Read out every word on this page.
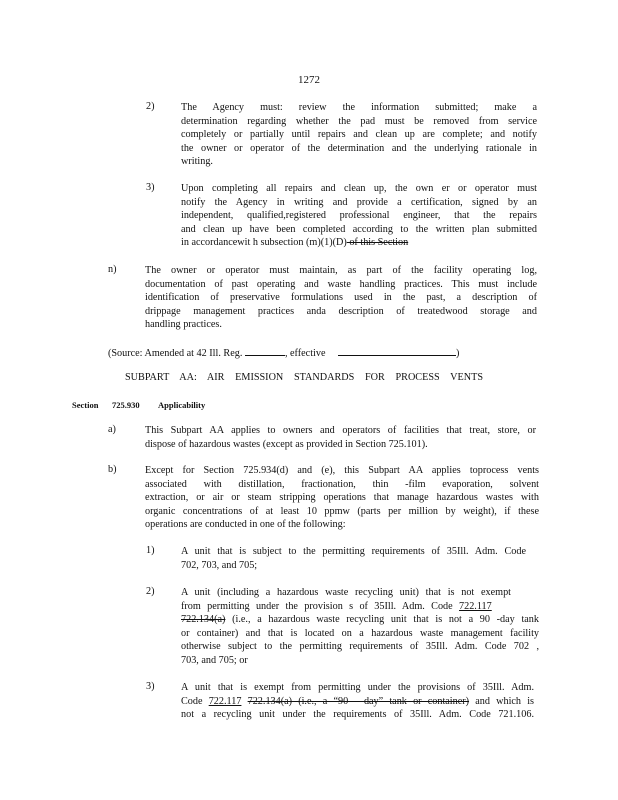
1272
2)	The Agency must: review the information submitted; make a
determination regarding whether the pad must be removed from service
completely or partially until repairs and clean up are complete; and notify
the owner or operator of the determination and the underlying rationale in
writing.
3)	Upon completing all repairs and clean up, the own er or operator must
notify the Agency in writing and provide a certification, signed by an
independent, qualified,registered professional engineer, that the repairs
and clean up have been completed according to the written plan submitted
in accordancewit h subsection (m)(1)(D) of this Section
n)	The owner or operator must maintain, as part of the facility operating log,
documentation of past operating and waste handling practices. This must include
identification of preservative formulations used in the past, a description of
drippage management practices anda description of treatedwood storage and
handling practices.
(Source: Amended at 42 Ill. Reg.	, effective	)
SUBPART AA: AIR EMISSION STANDARDS FOR PROCESS VENTS
Section 725.930 Applicability
a)	This Subpart AA applies to owners and operators of facilities that treat, store, or
dispose of hazardous wastes (except as provided in Section 725.101).
b)	Except for Section 725.934(d) and (e), this Subpart AA applies toprocess vents
associated with distillation, fractionation, thin -film evaporation, solvent
extraction, or air or steam stripping operations that manage hazardous wastes with
organic concentrations of at least 10 ppmw (parts per million by weight), if these
operations are conducted in one of the following:
1)	A unit that is subject to the permitting requirements of 35Ill. Adm. Code
702, 703, and 705;
2)	A unit (including a hazardous waste recycling unit) that is not exempt
from permitting under the provision s of 35Ill. Adm. Code 722.117
722.134(a) (i.e., a hazardous waste recycling unit that is not a 90 -day tank
or container) and that is located on a hazardous waste management facility
otherwise subject to the permitting requirements of 35Ill. Adm. Code 702 ,
703, and 705; or
3)	A unit that is exempt from permitting under the provisions of 35Ill. Adm.
Code 722.117 722.134(a) (i.e., a “90 - day” tank or container) and which is
not a recycling unit under the requirements of 35Ill. Adm. Code 721.106.
